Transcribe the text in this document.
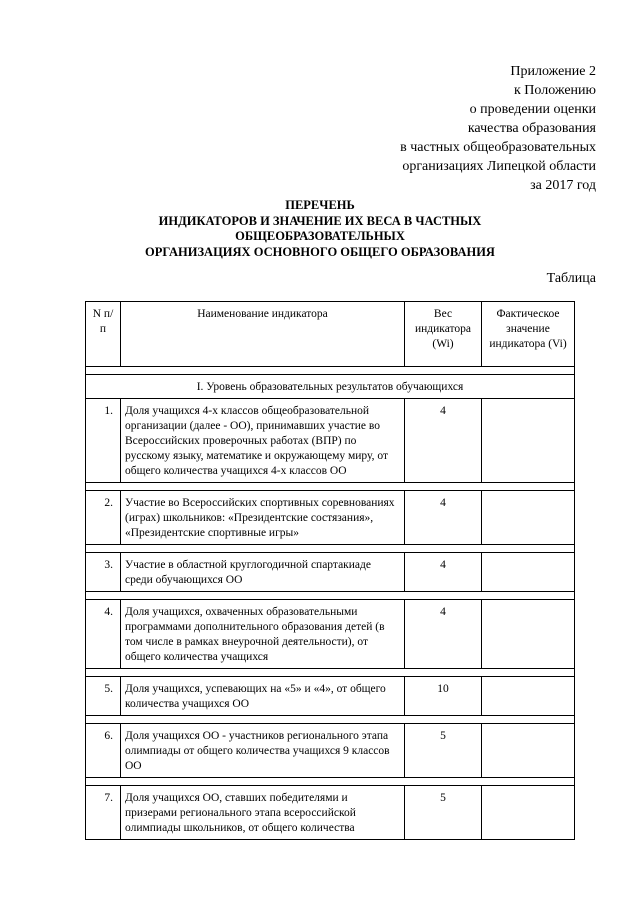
Приложение 2
к Положению
о проведении оценки
качества образования
в частных общеобразовательных
организациях Липецкой области
за 2017 год
ПЕРЕЧЕНЬ
ИНДИКАТОРОВ И ЗНАЧЕНИЕ ИХ ВЕСА В ЧАСТНЫХ
ОБЩЕОБРАЗОВАТЕЛЬНЫХ
ОРГАНИЗАЦИЯХ ОСНОВНОГО ОБЩЕГО ОБРАЗОВАНИЯ
Таблица
N п/п	Наименование индикатора	Вес индикатора (Wi)	Фактическое значение индикатора (Vi)

I. Уровень образовательных результатов обучающихся			
1.	Доля учащихся 4-х классов общеобразовательной организации (далее - ОО), принимавших участие во Всероссийских проверочных работах (ВПР) по русскому языку, математике и окружающему миру, от общего количества учащихся 4-х классов ОО	4	

2.	Участие во Всероссийских спортивных соревнованиях (играх) школьников: «Президентские состязания», «Президентские спортивные игры»	4	

3.	Участие в областной круглогодичной спартакиаде среди обучающихся ОО	4	

4.	Доля учащихся, охваченных образовательными программами дополнительного образования детей (в том числе в рамках внеурочной деятельности), от общего количества учащихся	4	

5.	Доля учащихся, успевающих на «5» и «4», от общего количества учащихся ОО	10	

6.	Доля учащихся ОО - участников регионального этапа олимпиады от общего количества учащихся 9 классов ОО	5	

7.	Доля учащихся ОО, ставших победителями и призерами регионального этапа всероссийской олимпиады школьников, от общего количества	5	
